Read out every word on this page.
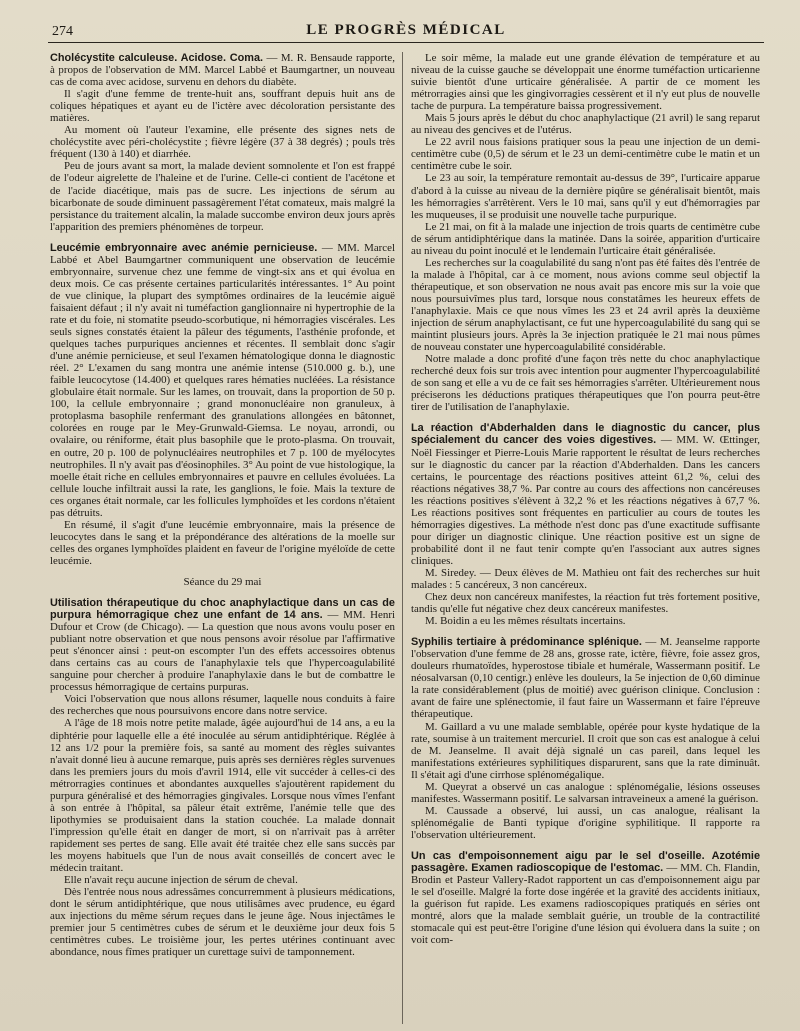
274	LE PROGRÈS MÉDICAL

Cholécystite calculeuse. Acidose. Coma. — M. R. Bensaude rapporte, à propos de l'observation de MM. Marcel Labbé et Baumgartner, un nouveau cas de coma avec acidose, survenu en dehors du diabète.

Il s'agit d'une femme de trente-huit ans, souffrant depuis huit ans de coliques hépatiques et ayant eu de l'ictère avec décoloration persistante des matières.

Au moment où l'auteur l'examine, elle présente des signes nets de cholécystite avec péri-cholécystite ; fièvre légère (37 à 38 degrés) ; pouls très fréquent (130 à 140) et diarrhée.

Peu de jours avant sa mort, la malade devient somnolente et l'on est frappé de l'odeur aigrelette de l'haleine et de l'urine. Celle-ci contient de l'acétone et de l'acide diacétique, mais pas de sucre. Les injections de sérum au bicarbonate de soude diminuent passagèrement l'état comateux, mais malgré la persistance du traitement alcalin, la malade succombe environ deux jours après l'apparition des premiers phénomènes de torpeur.

Leucémie embryonnaire avec anémie pernicieuse. — MM. Marcel Labbé et Abel Baumgartner communiquent une observation de leucémie embryonnaire, survenue chez une femme de vingt-six ans et qui évolua en deux mois. Ce cas présente certaines particularités intéressantes. 1° Au point de vue clinique, la plupart des symptômes ordinaires de la leucémie aiguë faisaient défaut ; il n'y avait ni tuméfaction ganglionnaire ni hypertrophie de la rate et du foie, ni stomatite pseudo-scorbutique, ni hémorragies viscérales. Les seuls signes constatés étaient la pâleur des téguments, l'asthénie profonde, et quelques taches purpuriques anciennes et récentes. Il semblait donc s'agir d'une anémie pernicieuse, et seul l'examen hématologique donna le diagnostic réel. 2° L'examen du sang montra une anémie intense (510.000 g. b.), une faible leucocytose (14.400) et quelques rares hématies nucléées. La résistance globulaire était normale. Sur les lames, on trouvait, dans la proportion de 50 p. 100, la cellule embryonnaire ; grand mononucléaire non granuleux, à protoplasma basophile renfermant des granulations allongées en bâtonnet, colorées en rouge par le Mey-Grunwald-Giemsa. Le noyau, arrondi, ou ovalaire, ou réniforme, était plus basophile que le proto-plasma. On trouvait, en outre, 20 p. 100 de polynucléaires neutrophiles et 7 p. 100 de myélocytes neutrophiles. Il n'y avait pas d'éosinophiles. 3° Au point de vue histologique, la moelle était riche en cellules embryonnaires et pauvre en cellules évoluées. La cellule louche infiltrait aussi la rate, les ganglions, le foie. Mais la texture de ces organes était normale, car les follicules lymphoïdes et les cordons n'étaient pas détruits.

En résumé, il s'agit d'une leucémie embryonnaire, mais la présence de leucocytes dans le sang et la prépondérance des altérations de la moelle sur celles des organes lymphoïdes plaident en faveur de l'origine myéloïde de cette leucémie.

Séance du 29 mai

Utilisation thérapeutique du choc anaphylactique dans un cas de purpura hémorragique chez une enfant de 14 ans. — MM. Henri Dufour et Crow (de Chicago). — La question que nous avons voulu poser en publiant notre observation et que nous pensons avoir résolue par l'affirmative peut s'énoncer ainsi : peut-on escompter l'un des effets accessoires obtenus dans certains cas au cours de l'anaphylaxie tels que l'hypercoagulabilité sanguine pour chercher à produire l'anaphylaxie dans le but de combattre le processus hémorragique de certains purpuras.

Voici l'observation que nous allons résumer, laquelle nous conduits à faire des recherches que nous poursuivons encore dans notre service.

A l'âge de 18 mois notre petite malade, âgée aujourd'hui de 14 ans, a eu la diphtérie pour laquelle elle a été inoculée au sérum antidiphtérique. Réglée à 12 ans 1/2 pour la première fois, sa santé au moment des règles suivantes n'avait donné lieu à aucune remarque, puis après ses dernières règles survenues dans les premiers jours du mois d'avril 1914, elle vit succéder à celles-ci des métrorragies continues et abondantes auxquelles s'ajoutèrent rapidement du purpura généralisé et des hémorragies gingivales. Lorsque nous vîmes l'enfant à son entrée à l'hôpital, sa pâleur était extrême, l'anémie telle que des lipothymies se produisaient dans la station couchée. La malade donnait l'impression qu'elle était en danger de mort, si on n'arrivait pas à arrêter rapidement ses pertes de sang. Elle avait été traitée chez elle sans succès par les moyens habituels que l'un de nous avait conseillés de concert avec le médecin traitant.

Elle n'avait reçu aucune injection de sérum de cheval.

Dès l'entrée nous nous adressâmes concurremment à plusieurs médications, dont le sérum antidiphtérique, que nous utilisâmes avec prudence, eu égard aux injections du même sérum reçues dans le jeune âge. Nous injectâmes le premier jour 5 centimètres cubes de sérum et le deuxième jour deux fois 5 centimètres cubes. Le troisième jour, les pertes utérines continuant avec abondance, nous fîmes pratiquer un curettage suivi de tamponnement.

Le soir même, la malade eut une grande élévation de température et au niveau de la cuisse gauche se développait une énorme tuméfaction urticarienne suivie bientôt d'une urticaire généralisée. A partir de ce moment les métrorragies ainsi que les gingivorragies cessèrent et il n'y eut plus de nouvelle tache de purpura. La température baissa progressivement.

Mais 5 jours après le début du choc anaphylactique (21 avril) le sang reparut au niveau des gencives et de l'utérus.

Le 22 avril nous faisions pratiquer sous la peau une injection de un demi-centimètre cube (0,5) de sérum et le 23 un demi-centimètre cube le matin et un centimètre cube le soir.

Le 23 au soir, la température remontait au-dessus de 39°, l'urticaire apparue d'abord à la cuisse au niveau de la dernière piqûre se généralisait bientôt, mais les hémorragies s'arrêtèrent. Vers le 10 mai, sans qu'il y eut d'hémorragies par les muqueuses, il se produisit une nouvelle tache purpurique.

Le 21 mai, on fit à la malade une injection de trois quarts de centimètre cube de sérum antidiphtérique dans la matinée. Dans la soirée, apparition d'urticaire au niveau du point inoculé et le lendemain l'urticaire était généralisée.

Les recherches sur la coagulabilité du sang n'ont pas été faites dès l'entrée de la malade à l'hôpital, car à ce moment, nous avions comme seul objectif la thérapeutique, et son observation ne nous avait pas encore mis sur la voie que nous poursuivîmes plus tard, lorsque nous constatâmes les heureux effets de l'anaphylaxie. Mais ce que nous vîmes les 23 et 24 avril après la deuxième injection de sérum anaphylactisant, ce fut une hypercoagulabilité du sang qui se maintint plusieurs jours. Après la 3e injection pratiquée le 21 mai nous pûmes de nouveau constater une hypercoagulabilité considérable.

Notre malade a donc profité d'une façon très nette du choc anaphylactique recherché deux fois sur trois avec intention pour augmenter l'hypercoagulabilité de son sang et elle a vu de ce fait ses hémorragies s'arrêter. Ultérieurement nous préciserons les déductions pratiques thérapeutiques que l'on pourra peut-être tirer de l'utilisation de l'anaphylaxie.

La réaction d'Abderhalden dans le diagnostic du cancer, plus spécialement du cancer des voies digestives. — MM. W. Œttinger, Noël Fiessinger et Pierre-Louis Marie rapportent le résultat de leurs recherches sur le diagnostic du cancer par la réaction d'Abderhalden. Dans les cancers certains, le pourcentage des réactions positives atteint 61,2 %, celui des réactions négatives 38,7 %. Par contre au cours des affections non cancéreuses les réactions positives s'élèvent à 32,2 % et les réactions négatives à 67,7 %. Les réactions positives sont fréquentes en particulier au cours de toutes les hémorragies digestives. La méthode n'est donc pas d'une exactitude suffisante pour diriger un diagnostic clinique. Une réaction positive est un signe de probabilité dont il ne faut tenir compte qu'en l'associant aux autres signes cliniques.

M. Siredey. — Deux élèves de M. Mathieu ont fait des recherches sur huit malades : 5 cancéreux, 3 non cancéreux.

Chez deux non cancéreux manifestes, la réaction fut très fortement positive, tandis qu'elle fut négative chez deux cancéreux manifestes.

M. Boidin a eu les mêmes résultats incertains.

Syphilis tertiaire à prédominance splénique. — M. Jeanselme rapporte l'observation d'une femme de 28 ans, grosse rate, ictère, fièvre, foie assez gros, douleurs rhumatoïdes, hyperostose tibiale et humérale, Wassermann positif. Le néosalvarsan (0,10 centigr.) enlève les douleurs, la 5e injection de 0,60 diminue la rate considérablement (plus de moitié) avec guérison clinique. Conclusion : avant de faire une splénectomie, il faut faire un Wassermann et faire l'épreuve thérapeutique.

M. Gaillard a vu une malade semblable, opérée pour kyste hydatique de la rate, soumise à un traitement mercuriel. Il croit que son cas est analogue à celui de M. Jeanselme. Il avait déjà signalé un cas pareil, dans lequel les manifestations extérieures syphilitiques disparurent, sans que la rate diminuât. Il s'était agi d'une cirrhose splénomégalique.

M. Queyrat a observé un cas analogue : splénomégalie, lésions osseuses manifestes. Wassermann positif. Le salvarsan intraveineux a amené la guérison.

M. Caussade a observé, lui aussi, un cas analogue, réalisant la splénomégalie de Banti typique d'origine syphilitique. Il rapporte ra l'observation ultérieurement.

Un cas d'empoisonnement aigu par le sel d'oseille. Azotémie passagère. Examen radioscopique de l'estomac. — MM. Ch. Flandin, Brodin et Pasteur Vallery-Radot rapportent un cas d'empoisonnement aigu par le sel d'oseille. Malgré la forte dose ingérée et la gravité des accidents initiaux, la guérison fut rapide. Les examens radioscopiques pratiqués en séries ont montré, alors que la malade semblait guérie, un trouble de la contractilité stomacale qui est peut-être l'origine d'une lésion qui évoluera dans la suite ; on voit com-
